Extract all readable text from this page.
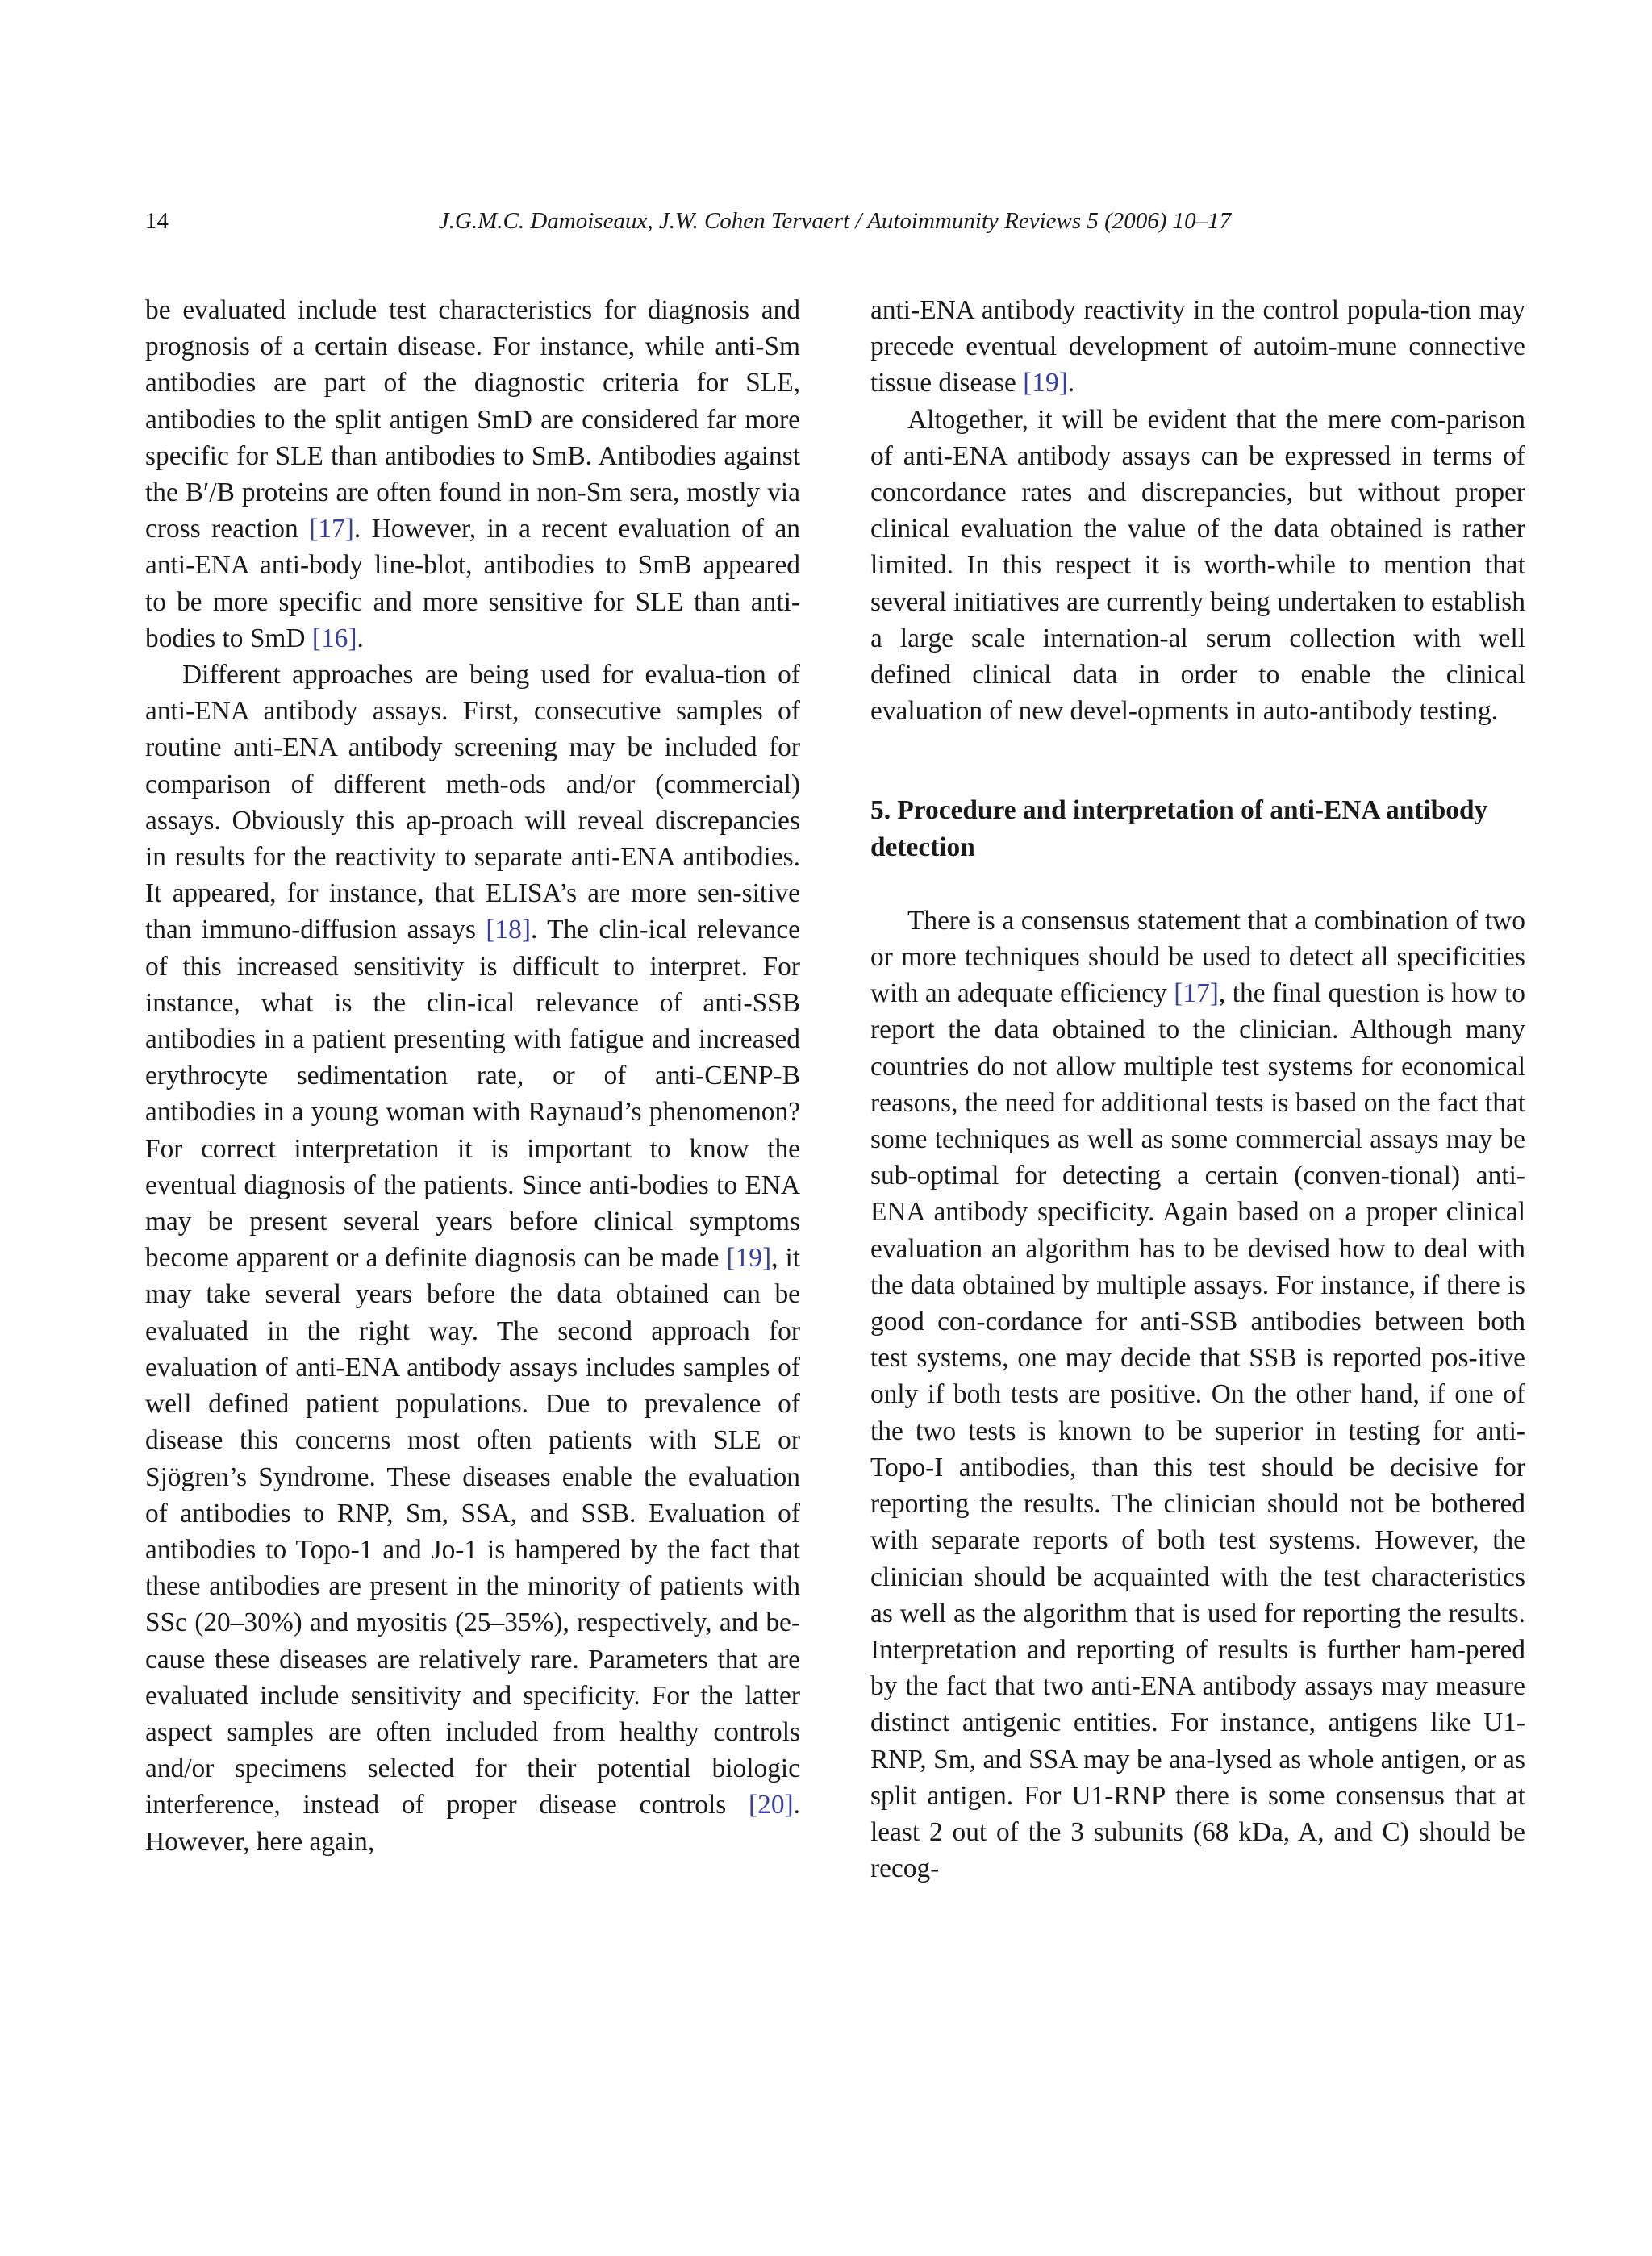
14	J.G.M.C. Damoiseaux, J.W. Cohen Tervaert / Autoimmunity Reviews 5 (2006) 10–17

be evaluated include test characteristics for diagnosis and prognosis of a certain disease. For instance, while anti-Sm antibodies are part of the diagnostic criteria for SLE, antibodies to the split antigen SmD are considered far more specific for SLE than antibodies to SmB. Antibodies against the B′/B proteins are often found in non-Sm sera, mostly via cross reaction [17]. However, in a recent evaluation of an anti-ENA anti-body line-blot, antibodies to SmB appeared to be more specific and more sensitive for SLE than anti-bodies to SmD [16].

Different approaches are being used for evalua-tion of anti-ENA antibody assays. First, consecutive samples of routine anti-ENA antibody screening may be included for comparison of different meth-ods and/or (commercial) assays. Obviously this ap-proach will reveal discrepancies in results for the reactivity to separate anti-ENA antibodies. It appeared, for instance, that ELISA’s are more sen-sitive than immuno-diffusion assays [18]. The clin-ical relevance of this increased sensitivity is difficult to interpret. For instance, what is the clin-ical relevance of anti-SSB antibodies in a patient presenting with fatigue and increased erythrocyte sedimentation rate, or of anti-CENP-B antibodies in a young woman with Raynaud’s phenomenon? For correct interpretation it is important to know the eventual diagnosis of the patients. Since anti-bodies to ENA may be present several years before clinical symptoms become apparent or a definite diagnosis can be made [19], it may take several years before the data obtained can be evaluated in the right way. The second approach for evaluation of anti-ENA antibody assays includes samples of well defined patient populations. Due to prevalence of disease this concerns most often patients with SLE or Sjögren’s Syndrome. These diseases enable the evaluation of antibodies to RNP, Sm, SSA, and SSB. Evaluation of antibodies to Topo-1 and Jo-1 is hampered by the fact that these antibodies are present in the minority of patients with SSc (20–30%) and myositis (25–35%), respectively, and be-cause these diseases are relatively rare. Parameters that are evaluated include sensitivity and specificity. For the latter aspect samples are often included from healthy controls and/or specimens selected for their potential biologic interference, instead of proper disease controls [20]. However, here again,

anti-ENA antibody reactivity in the control popula-tion may precede eventual development of autoim-mune connective tissue disease [19].

Altogether, it will be evident that the mere com-parison of anti-ENA antibody assays can be expressed in terms of concordance rates and discrepancies, but without proper clinical evaluation the value of the data obtained is rather limited. In this respect it is worth-while to mention that several initiatives are currently being undertaken to establish a large scale internation-al serum collection with well defined clinical data in order to enable the clinical evaluation of new devel-opments in auto-antibody testing.

5. Procedure and interpretation of anti-ENA antibody detection

There is a consensus statement that a combination of two or more techniques should be used to detect all specificities with an adequate efficiency [17], the final question is how to report the data obtained to the clinician. Although many countries do not allow multiple test systems for economical reasons, the need for additional tests is based on the fact that some techniques as well as some commercial assays may be sub-optimal for detecting a certain (conven-tional) anti-ENA antibody specificity. Again based on a proper clinical evaluation an algorithm has to be devised how to deal with the data obtained by multiple assays. For instance, if there is good con-cordance for anti-SSB antibodies between both test systems, one may decide that SSB is reported pos-itive only if both tests are positive. On the other hand, if one of the two tests is known to be superior in testing for anti-Topo-I antibodies, than this test should be decisive for reporting the results. The clinician should not be bothered with separate reports of both test systems. However, the clinician should be acquainted with the test characteristics as well as the algorithm that is used for reporting the results. Interpretation and reporting of results is further ham-pered by the fact that two anti-ENA antibody assays may measure distinct antigenic entities. For instance, antigens like U1-RNP, Sm, and SSA may be ana-lysed as whole antigen, or as split antigen. For U1-RNP there is some consensus that at least 2 out of the 3 subunits (68 kDa, A, and C) should be recog-
